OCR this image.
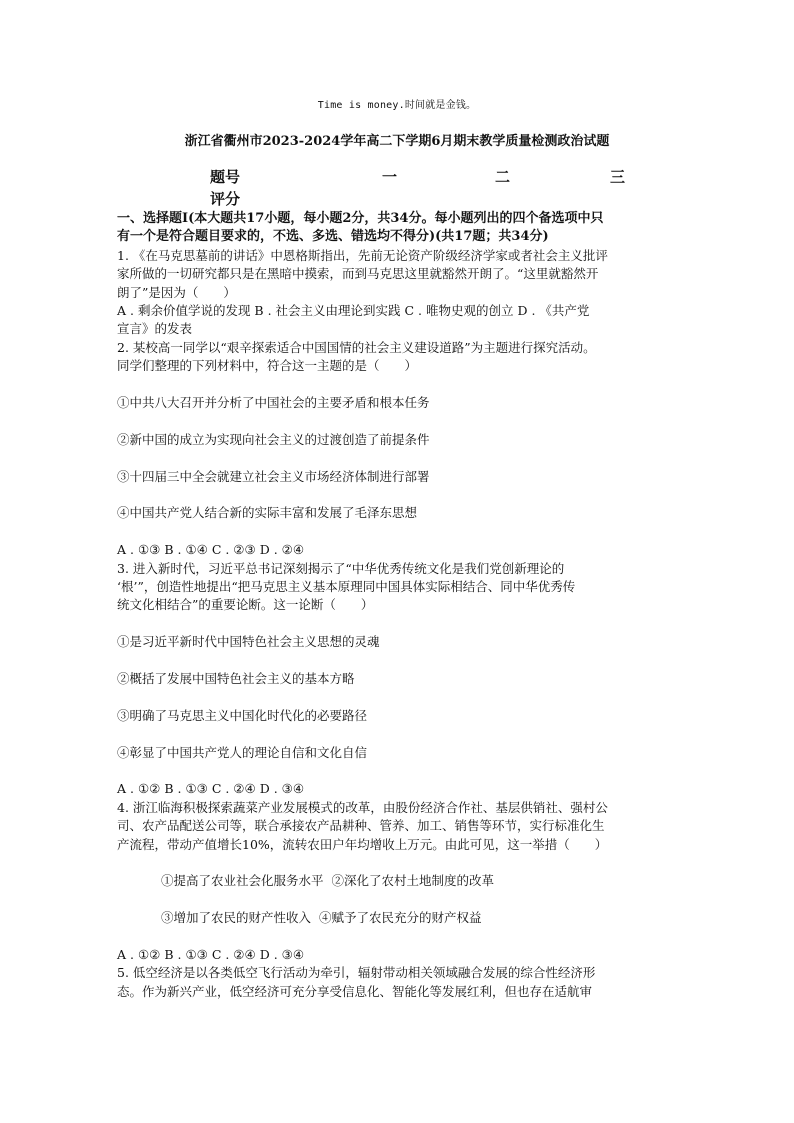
Time is money.时间就是金钱。
浙江省衢州市2023-2024学年高二下学期6月期末教学质量检测政治试题
题号	一	二	三
评分

一、选择题Ⅰ(本大题共17小题，每小题2分，共34分。每小题列出的四个备选项中只

有一个是符合题目要求的，不选、多选、错选均不得分)(共17题；共34分)

1. 《在马克思墓前的讲话》中恩格斯指出，先前无论资产阶级经济学家或者社会主义批评

家所做的一切研究都只是在黑暗中摸索，而到马克思这里就豁然开朗了。“这里就豁然开

朗了”是因为（　　）

A . 剩余价值学说的发现 B . 社会主义由理论到实践 C . 唯物史观的创立 D . 《共产党

宣言》的发表

2. 某校高一同学以“艰辛探索适合中国国情的社会主义建设道路”为主题进行探究活动。

同学们整理的下列材料中，符合这一主题的是（　　）

①中共八大召开并分析了中国社会的主要矛盾和根本任务

②新中国的成立为实现向社会主义的过渡创造了前提条件

③十四届三中全会就建立社会主义市场经济体制进行部署

④中国共产党人结合新的实际丰富和发展了毛泽东思想

A . ①③ B . ①④ C . ②③ D . ②④

3. 进入新时代，习近平总书记深刻揭示了“中华优秀传统文化是我们党创新理论的

‘根’”，创造性地提出“把马克思主义基本原理同中国具体实际相结合、同中华优秀传

统文化相结合”的重要论断。这一论断（　　）

①是习近平新时代中国特色社会主义思想的灵魂

②概括了发展中国特色社会主义的基本方略

③明确了马克思主义中国化时代化的必要路径

④彰显了中国共产党人的理论自信和文化自信

A . ①② B . ①③ C . ②④ D . ③④

4. 浙江临海积极探索蔬菜产业发展模式的改革，由股份经济合作社、基层供销社、强村公

司、农产品配送公司等，联合承接农产品耕种、管养、加工、销售等环节，实行标准化生

产流程，带动产值增长10%，流转农田户年均增收上万元。由此可见，这一举措（　　）

①提高了农业社会化服务水平 ②深化了农村土地制度的改革

③增加了农民的财产性收入 ④赋予了农民充分的财产权益

A . ①② B . ①③ C . ②④ D . ③④

5. 低空经济是以各类低空飞行活动为牵引，辐射带动相关领域融合发展的综合性经济形

态。作为新兴产业，低空经济可充分享受信息化、智能化等发展红利，但也存在适航审
